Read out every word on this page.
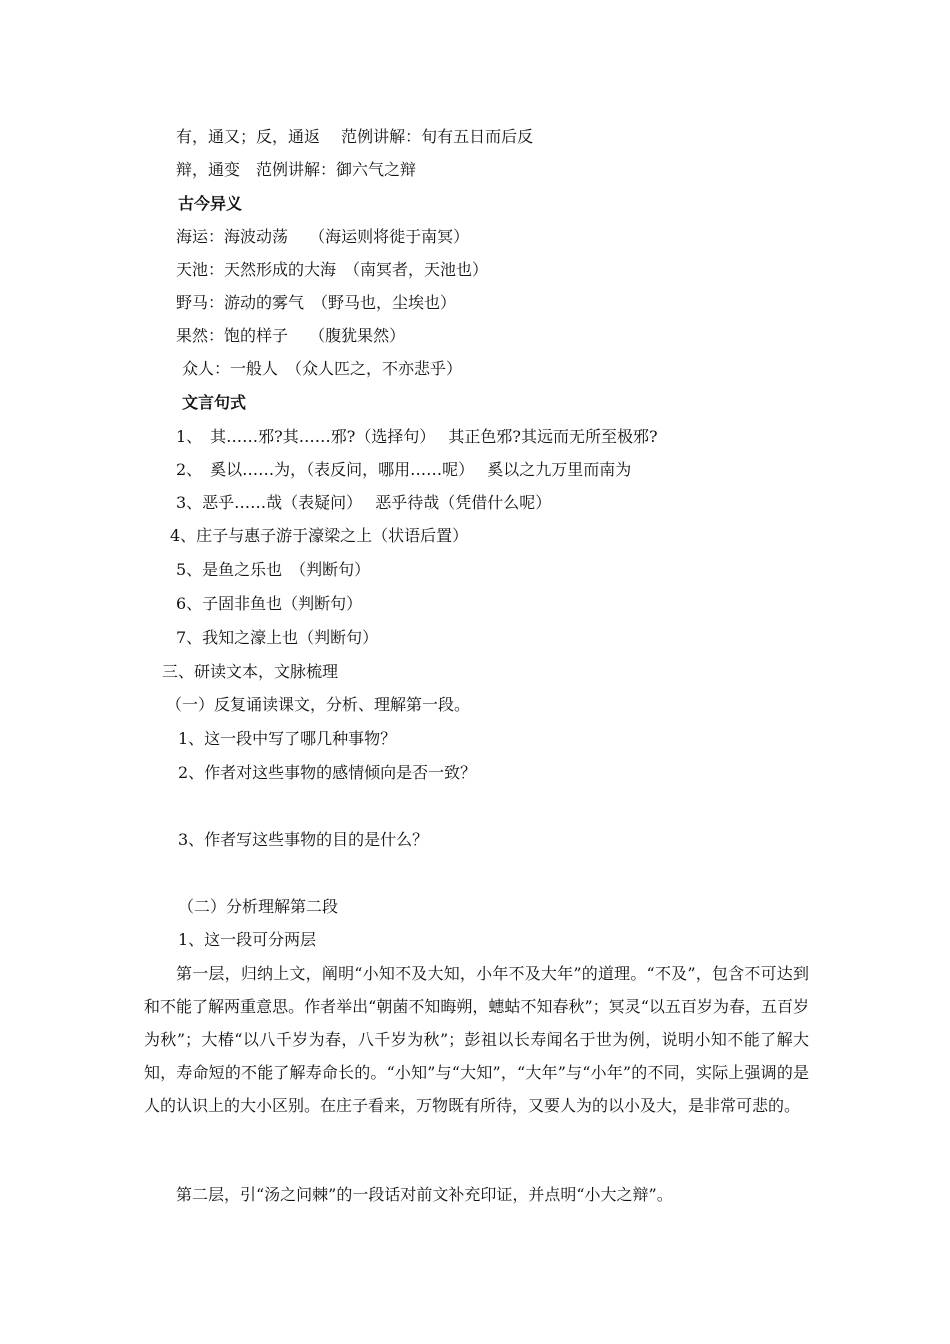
有，通又；反，通返　 范例讲解：旬有五日而后反
辩，通变　范例讲解：御六气之辩
古今异义
海运：海波动荡　 （海运则将徙于南冥）
天池：天然形成的大海　（南冥者，天池也）
野马：游动的雾气　（野马也，尘埃也）
果然：饱的样子　 （腹犹果然）
众人：一般人　（众人匹之，不亦悲乎）
文言句式
1、　其……邪?其……邪?（选择句）　 其正色邪?其远而无所至极邪?
2、　奚以……为，（表反问，哪用……呢）　 奚以之九万里而南为
3、恶乎……哉（表疑问）　 恶乎待哉（凭借什么呢）
4、庄子与惠子游于濠梁之上（状语后置）
5、是鱼之乐也　（判断句）
6、子固非鱼也（判断句）
7、我知之濠上也（判断句）
三、研读文本，文脉梳理
（一）反复诵读课文，分析、理解第一段。
1、这一段中写了哪几种事物？
2、作者对这些事物的感情倾向是否一致？
3、作者写这些事物的目的是什么？
（二）分析理解第二段
1、这一段可分两层
第一层，归纳上文，阐明“小知不及大知，小年不及大年”的道理。“不及”，包含不可达到和不能了解两重意思。作者举出“朝菌不知晦朔，蟪蛄不知春秋”；冥灵“以五百岁为春，五百岁为秋”；大椿“以八千岁为春，八千岁为秋”；彭祖以长寿闻名于世为例，说明小知不能了解大知，寿命短的不能了解寿命长的。“小知”与“大知”，“大年”与“小年”的不同，实际上强调的是人的认识上的大小区别。在庄子看来，万物既有所待，又要人为的以小及大，是非常可悲的。
第二层，引“汤之问棘”的一段话对前文补充印证，并点明“小大之辩”。
